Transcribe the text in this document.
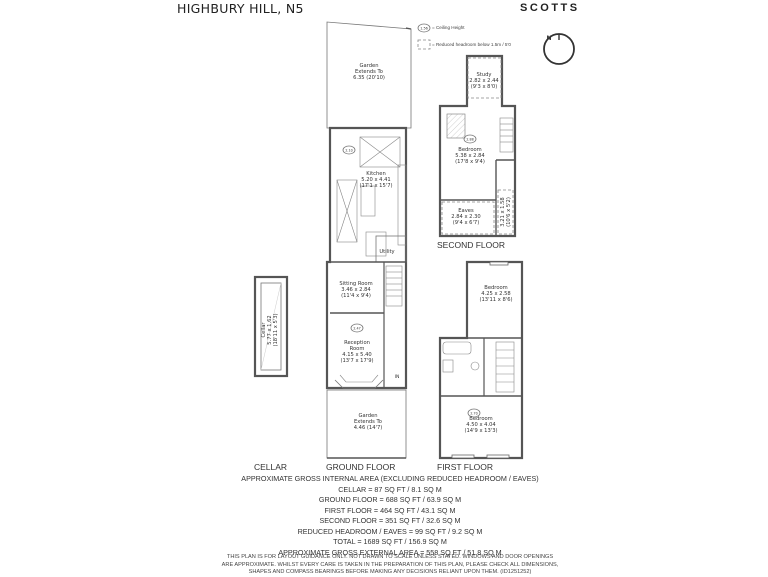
N
1.56
Cellar 5.77 x 1.62 (18'11 x 5'3)
2.10
2.47
Garden
Extends To
6.35 (20'10)
Kitchen
5.20 x 4.41
(17'1 x 15'7)
Utility
Sitting Room
3.46 x 2.84
(11'4 x 9'4)
Reception
Room
4.15 x 5.40
(13'7 x 17'9)
IN
Garden
Extends To
4.46 (14'7)
2.88
Study
2.82 x 2.44
(9'3 x 8'0)
Bedroom
5.38 x 2.84
(17'8 x 9'4)
Eaves
2.84 x 2.30
(9'4 x 6'7)	3.21 x 1.58 (10'6 x 5'2)
2.70
Bedroom
4.25 x 2.58
(13'11 x 8'6)
Bedroom
4.50 x 4.04
(14'9 x 13'3)
HIGHBURY HILL, N5	SCOTTS
= Ceiling Height
= Reduced headroom below 1.5m / 5'0
CELLAR	GROUND FLOOR	FIRST FLOOR
SECOND FLOOR
APPROXIMATE GROSS INTERNAL AREA (EXCLUDING REDUCED HEADROOM / EAVES)
CELLAR = 87 SQ FT / 8.1 SQ M
GROUND FLOOR = 688 SQ FT / 63.9 SQ M
FIRST FLOOR = 464 SQ FT / 43.1 SQ M
SECOND FLOOR = 351 SQ FT / 32.6 SQ M
REDUCED HEADROOM / EAVES = 99 SQ FT / 9.2 SQ M
TOTAL = 1689 SQ FT / 156.9 SQ M
APPROXIMATE GROSS EXTERNAL AREA = 558 SQ FT / 51.8 SQ M
THIS PLAN IS FOR LAYOUT GUIDANCE ONLY. NOT DRAWN TO SCALE UNLESS STATED. WINDOWS AND DOOR OPENINGS
ARE APPROXIMATE. WHILST EVERY CARE IS TAKEN IN THE PREPARATION OF THIS PLAN, PLEASE CHECK ALL DIMENSIONS,
SHAPES AND COMPASS BEARINGS BEFORE MAKING ANY DECISIONS RELIANT UPON THEM. (ID1251252)
